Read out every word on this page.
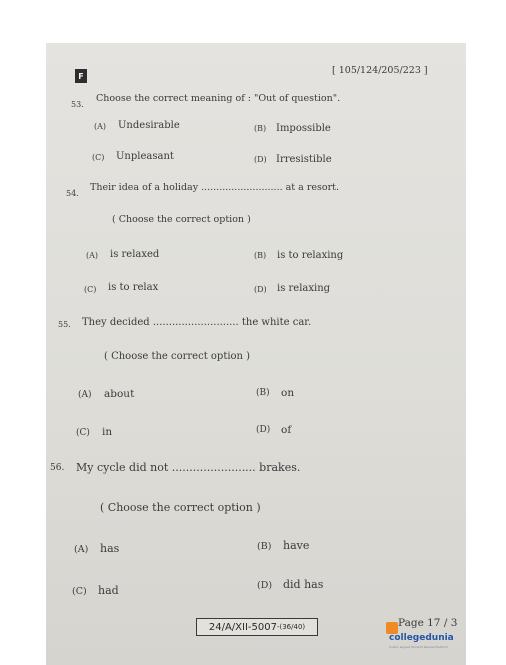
F	[ 105/124/205/223 ]
53.
Choose the correct meaning of : "Out of question".
(A) Undesirable	(B) Impossible
(C) Unpleasant	(D) Irresistible
54.
Their idea of a holiday ........................... at a resort.
( Choose the correct option )
(A) is relaxed	(B) is to relaxing
(C) is to relax	(D) is relaxing
55. They decided ........................... the white car.
( Choose the correct option )
(A) about	(B) on
(C) in	(D) of
56. My cycle did not ........................ brakes.
( Choose the correct option )
(A) has	(B) have
(C) had	(D) did has
24/A/XII-5007 -(36/40)	Page 17 / 3
collegedunia
India's largest Student Review Platform
